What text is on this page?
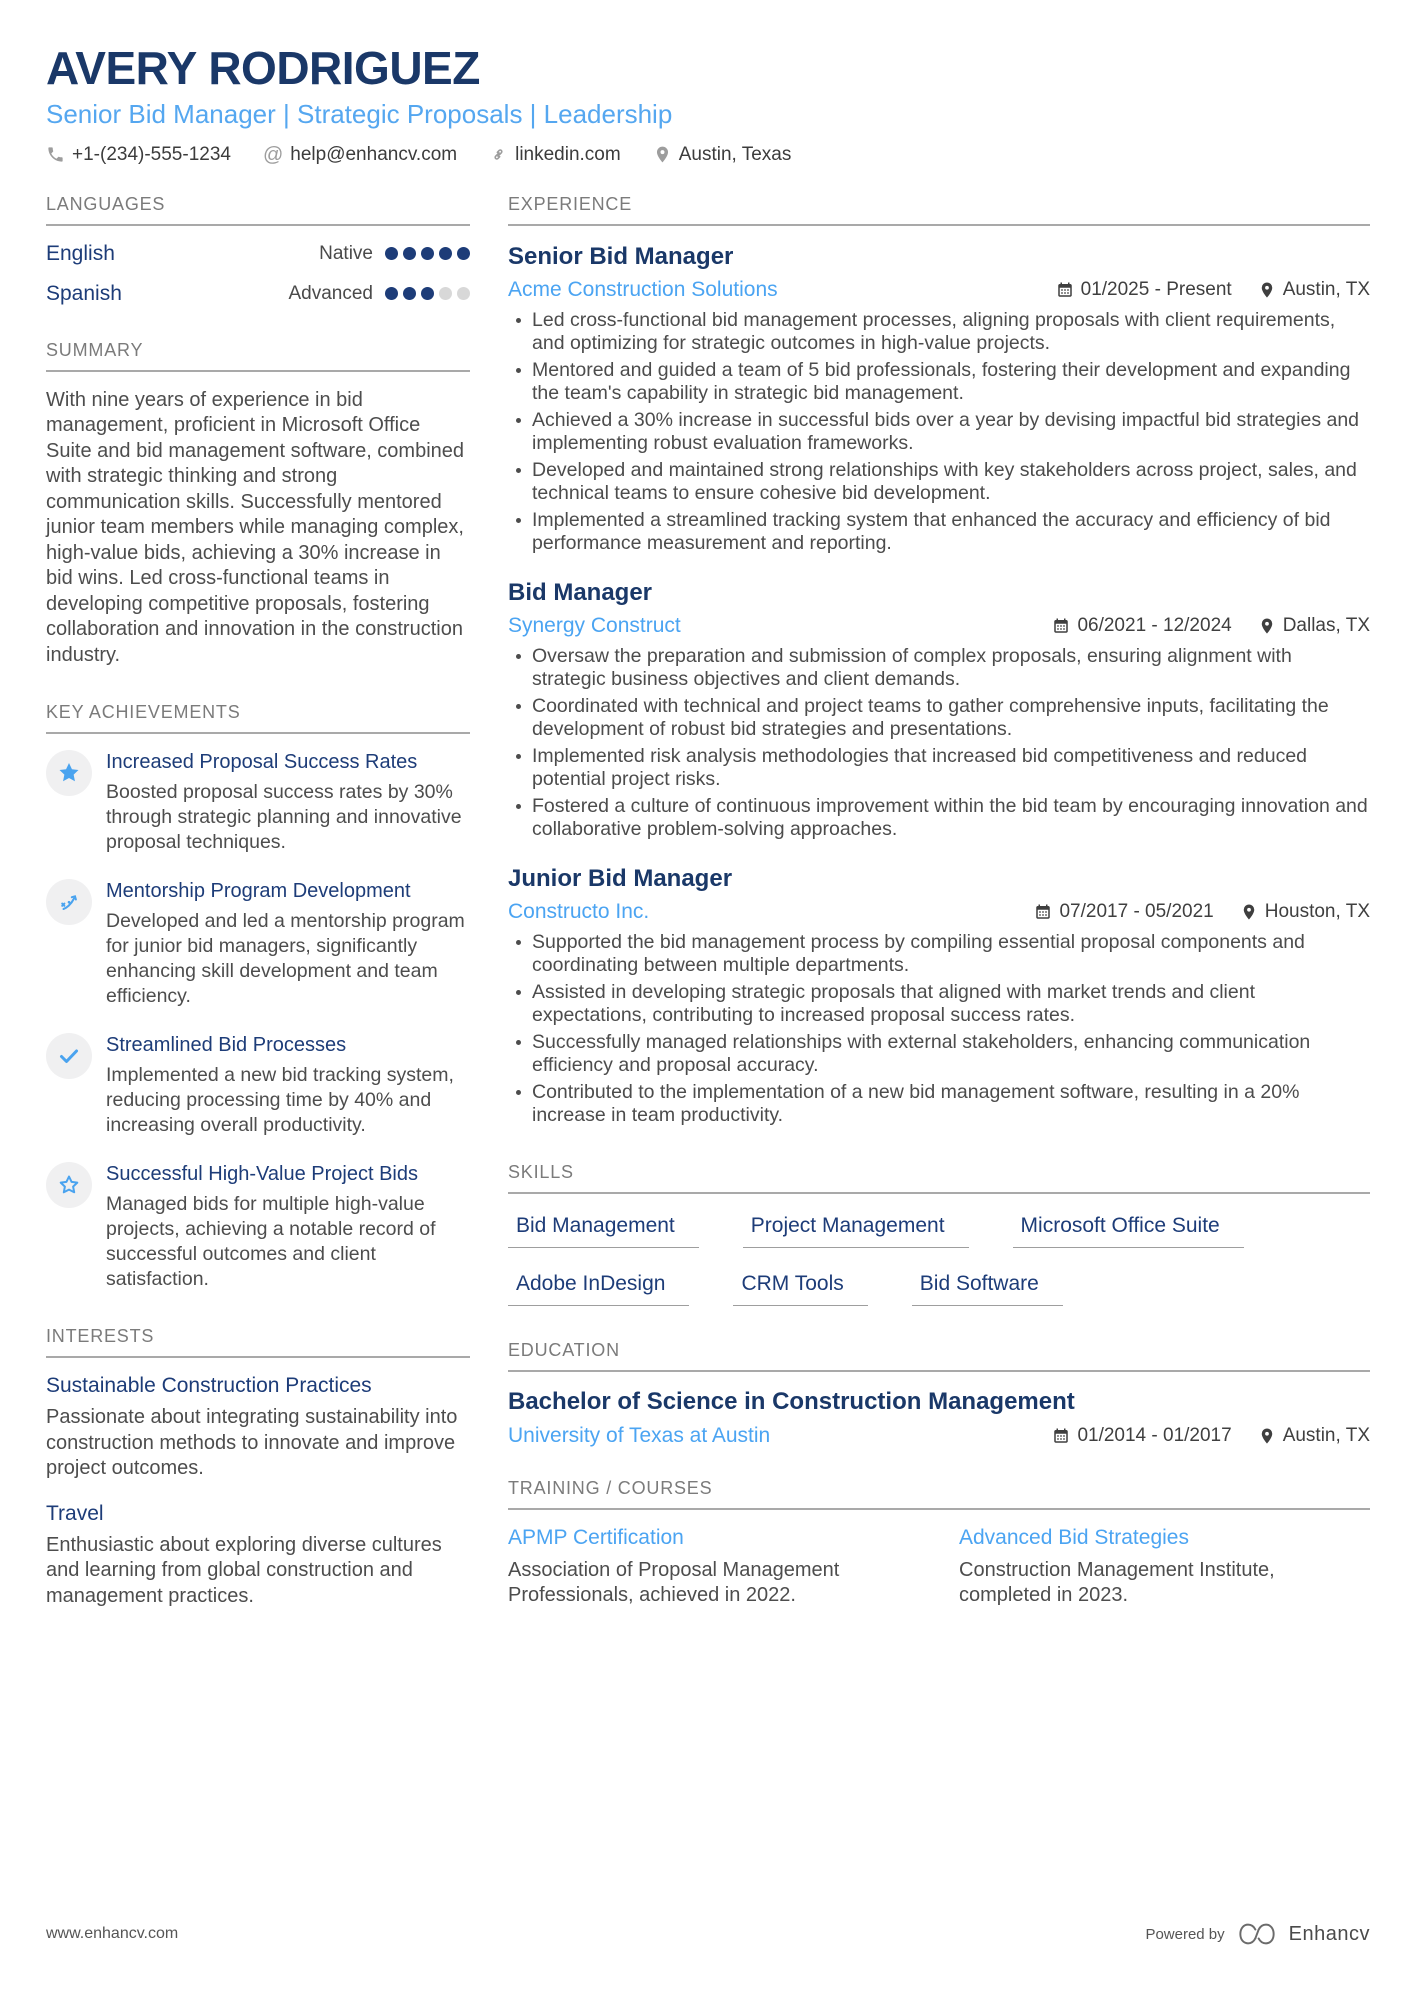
AVERY RODRIGUEZ
Senior Bid Manager | Strategic Proposals | Leadership
+1-(234)-555-1234 @ help@enhancv.com	linkedin.com	Austin, Texas
LANGUAGES
English	Native
Spanish	Advanced
SUMMARY

With nine years of experience in bid management, proficient in Microsoft Office Suite and bid management software, combined with strategic thinking and strong communication skills. Successfully mentored junior team members while managing complex, high-value bids, achieving a 30% increase in bid wins. Led cross-functional teams in developing competitive proposals, fostering collaboration and innovation in the construction industry.

KEY ACHIEVEMENTS
Increased Proposal Success Rates
Boosted proposal success rates by 30% through strategic planning and innovative proposal techniques.
Mentorship Program Development
Developed and led a mentorship program for junior bid managers, significantly enhancing skill development and team efficiency.
Streamlined Bid Processes
Implemented a new bid tracking system, reducing processing time by 40% and increasing overall productivity.
Successful High-Value Project Bids
Managed bids for multiple high-value projects, achieving a notable record of successful outcomes and client satisfaction.
INTERESTS
Sustainable Construction Practices
Passionate about integrating sustainability into construction methods to innovate and improve project outcomes.
Travel
Enthusiastic about exploring diverse cultures and learning from global construction and management practices.
EXPERIENCE
Senior Bid Manager
Acme Construction Solutions	01/2025 - Present	Austin, TX
Led cross-functional bid management processes, aligning proposals with client requirements, and optimizing for strategic outcomes in high-value projects.
Mentored and guided a team of 5 bid professionals, fostering their development and expanding the team's capability in strategic bid management.
Achieved a 30% increase in successful bids over a year by devising impactful bid strategies and implementing robust evaluation frameworks.
Developed and maintained strong relationships with key stakeholders across project, sales, and technical teams to ensure cohesive bid development.
Implemented a streamlined tracking system that enhanced the accuracy and efficiency of bid performance measurement and reporting.
Bid Manager
Synergy Construct	06/2021 - 12/2024	Dallas, TX
Oversaw the preparation and submission of complex proposals, ensuring alignment with strategic business objectives and client demands.
Coordinated with technical and project teams to gather comprehensive inputs, facilitating the development of robust bid strategies and presentations.
Implemented risk analysis methodologies that increased bid competitiveness and reduced potential project risks.
Fostered a culture of continuous improvement within the bid team by encouraging innovation and collaborative problem-solving approaches.
Junior Bid Manager
Constructo Inc.	07/2017 - 05/2021	Houston, TX
Supported the bid management process by compiling essential proposal components and coordinating between multiple departments.
Assisted in developing strategic proposals that aligned with market trends and client expectations, contributing to increased proposal success rates.
Successfully managed relationships with external stakeholders, enhancing communication efficiency and proposal accuracy.
Contributed to the implementation of a new bid management software, resulting in a 20% increase in team productivity.
SKILLS
Bid Management	Project Management	Microsoft Office Suite
Adobe InDesign	CRM Tools	Bid Software
EDUCATION
Bachelor of Science in Construction Management
University of Texas at Austin	01/2014 - 01/2017	Austin, TX
TRAINING / COURSES
APMP Certification
Association of Proposal Management Professionals, achieved in 2022.
Advanced Bid Strategies
Construction Management Institute, completed in 2023.
www.enhancv.com	Powered by	Enhancv
